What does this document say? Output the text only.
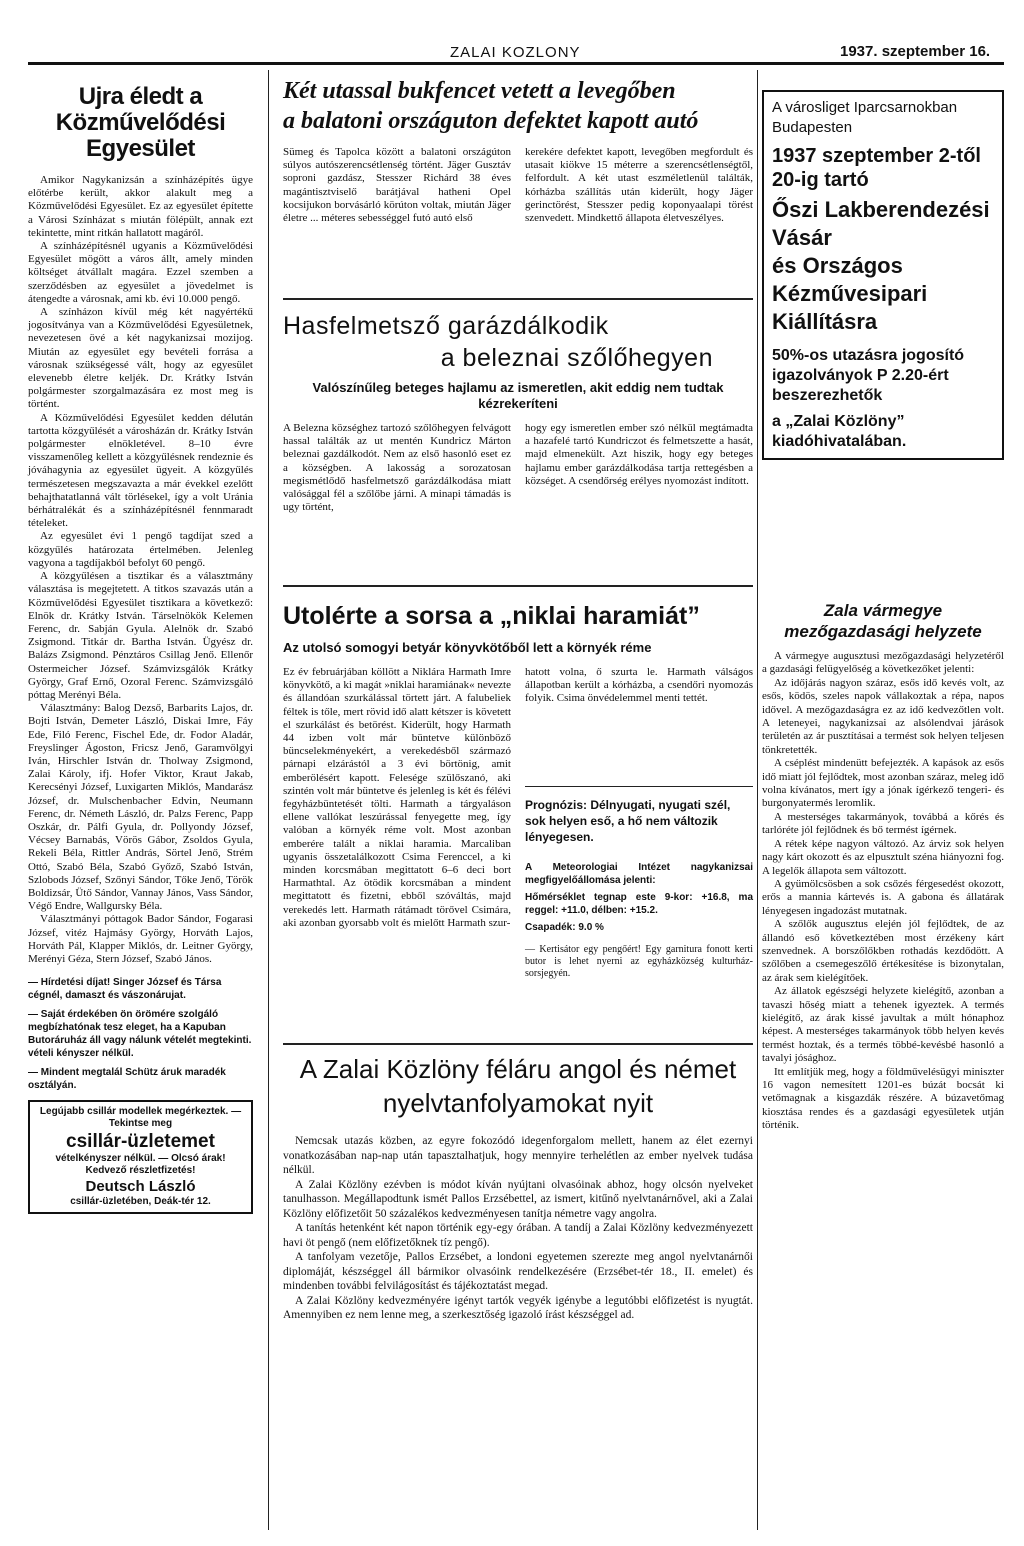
ZALAI KOZLONY	1937. szeptember 16.
Ujra éledt a Közművelődési Egyesület

Amikor Nagykanizsán a színházépítés ügye előtérbe került, akkor alakult meg a Közművelődési Egyesület. Ez az egyesület építette a Városi Színházat s miután fölépült, annak ezt tekintette, mint ritkán hallatott magáról.

A színházépítésnél ugyanis a Közművelődési Egyesület mögött a város állt, amely minden költséget átvállalt magára. Ezzel szemben a szerződésben az egyesület a jövedelmet is átengedte a városnak, ami kb. évi 10.000 pengő.

A színházon kívül még két nagyértékű jogosítványa van a Közművelődési Egyesületnek, nevezetesen övé a két nagykanizsai mozijog. Miután az egyesület egy bevételi forrása a városnak szükségessé vált, hogy az egyesület elevenebb életre keljék. Dr. Krátky István polgármester szorgalmazására ez most meg is történt.

A Közművelődési Egyesület kedden délután tartotta közgyűlését a városházán dr. Krátky István polgármester elnökletével. 8–10 évre visszamenőleg kellett a közgyűlésnek rendeznie és jóváhagynia az egyesület ügyeit. A közgyűlés természetesen megszavazta a már évekkel ezelőtt behajthatatlanná vált törlésekel, így a volt Uránia bérhátralékát és a színházépítésnél fennmaradt tételeket.

Az egyesület évi 1 pengő tagdíjat szed a közgyűlés határozata értelmében. Jelenleg vagyona a tagdíjakból befolyt 60 pengő.

A közgyűlésen a tisztikar és a választmány választása is megejtetett. A titkos szavazás után a Közművelődési Egyesület tisztikara a következő: Elnök dr. Krátky István. Társelnökök Kelemen Ferenc, dr. Sabján Gyula. Alelnök dr. Szabó Zsigmond. Titkár dr. Bartha István. Ügyész dr. Balázs Zsigmond. Pénztáros Csillag Jenő. Ellenőr Ostermeicher József. Számvizsgálók Krátky György, Graf Ernő, Ozoral Ferenc. Számvizsgáló póttag Merényi Béla.

Választmány: Balog Dezső, Barbarits Lajos, dr. Bojti István, Demeter László, Diskai Imre, Fáy Ede, Filó Ferenc, Fischel Ede, dr. Fodor Aladár, Freyslinger Ágoston, Fricsz Jenő, Garamvölgyi Iván, Hirschler István dr. Tholway Zsigmond, Zalai Károly, ifj. Hofer Viktor, Kraut Jakab, Kerecsényi József, Luxigarten Miklós, Mandarász József, dr. Mulschenbacher Edvin, Neumann Ferenc, dr. Németh László, dr. Palzs Ferenc, Papp Oszkár, dr. Pálfi Gyula, dr. Pollyondy József, Vécsey Barnabás, Vörös Gábor, Zsoldos Gyula, Rekeli Béla, Rittler András, Sörtel Jenő, Strém Ottó, Szabó Béla, Szabó Győző, Szabó István, Szlobods József, Szőnyi Sándor, Tőke Jenő, Török Boldizsár, Ütő Sándor, Vannay János, Vass Sándor, Végő Endre, Wallgursky Béla.

Választmányi póttagok Bador Sándor, Fogarasi József, vitéz Hajmásy György, Horváth Lajos, Horváth Pál, Klapper Miklós, dr. Leitner György, Merényi Géza, Stern József, Szabó János.

— Hírdetési díjat! Singer József és Társa cégnél, damaszt és vászonárujat.

— Saját érdekében ön örömére szolgáló megbízhatónak tesz eleget, ha a Kapuban Butoráruház áll vagy nálunk vételét megtekinti. vételi kényszer nélkül.

— Mindent megtalál Schütz áruk maradék osztályán.

Legújabb csillár modellek megérkeztek. — Tekintse meg
csillár-üzletemet
vételkényszer nélkül. — Olcsó árak!
Kedvező részletfizetés!
Deutsch László
csillár-üzletében, Deák-tér 12.
Két utassal bukfencet vetett a levegőben
a balatoni országuton defektet kapott autó
Sümeg és Tapolca között a balatoni országúton súlyos autószerencsétlenség történt. Jäger Gusztáv soproni gazdász, Stesszer Richárd 38 éves magántisztviselő barátjával hatheni Opel kocsijukon borvásárló körúton voltak, miután Jäger életre ... méteres sebességgel futó autó első
kerekére defektet kapott, levegőben megfordult és utasait kiökve 15 méterre a szerencsétlenségtől, felfordult. A két utast eszméletlenül találták, kórházba szállítás után kiderült, hogy Jäger gerinctörést, Stesszer pedig koponyaalapi törést szenvedett. Mindkettő állapota életveszélyes.
Hasfelmetsző garázdálkodik
a beleznai szőlőhegyen
Valószínűleg beteges hajlamu az ismeretlen, akit eddig nem tudtak kézrekeríteni
A Belezna községhez tartozó szőlőhegyen felvágott hassal találták az ut mentén Kundricz Márton beleznai gazdálkodót. Nem az első hasonló eset ez a községben. A lakosság a sorozatosan megismétlődő hasfelmetsző garázdálkodása miatt valósággal fél a szőlőbe járni. A minapi támadás is ugy történt,
hogy egy ismeretlen ember szó nélkül megtámadta a hazafelé tartó Kundriczot és felmetszette a hasát, majd elmenekült. Azt hiszik, hogy egy beteges hajlamu ember garázdálkodása tartja rettegésben a községet. A csendőrség erélyes nyomozást indított.
Utolérte a sorsa a „niklai haramiát”
Az utolsó somogyi betyár könyvkötőből lett a környék réme
Ez év februárjában köllött a Niklára Harmath Imre könyvkötő, a ki magát »niklai haramiának« nevezte és állandóan szurkálással törtett járt. A falubeliek féltek is tőle, mert rövid idő alatt kétszer is követett el szurkálást és betörést. Kiderült, hogy Harmath 44 izben volt már büntetve különböző büncselekményekért, a verekedésből származó párnapi elzárástól a 3 évi börtönig, amit emberölésért kapott. Felesége szülőszanó, aki szintén volt már büntetve és jelenleg is két és félévi fegyházbüntetését tölti. Harmath a tárgyaláson ellene vallókat leszúrással fenyegette meg, így valóban a környék réme volt. Most azonban emberére talált a niklai haramia. Marcaliban ugyanis összetalálkozott Csima Ferenccel, a ki minden korcsmában megittatott 6–6 deci bort Harmathtal. Az ötödik korcsmában a mindent megittatott és fizetni, ebből szóváltás, majd verekedés lett. Harmath rátámadt törővel Csimára, aki azonban gyorsabb volt és mielőtt Harmath szur-
hatott volna, ő szurta le. Harmath válságos állapotban került a kórházba, a csendőri nyomozás folyik. Csima önvédelemmel menti tettét.
Prognózis: Délnyugati, nyugati szél, sok helyen eső, a hő nem változik lényegesen.
A Meteorologiai Intézet nagykanizsai megfigyelőállomása jelenti:
Hőmérséklet tegnap este 9-kor: +16.8, ma reggel: +11.0, délben: +15.2.
Csapadék: 9.0 %
— Kertisátor egy pengőért! Egy garnitura fonott kerti butor is lehet nyerni az egyházközség kulturház-sorsjegyén.
A Zalai Közlöny féláru angol és német
nyelvtanfolyamokat nyit

Nemcsak utazás közben, az egyre fokozódó idegenforgalom mellett, hanem az élet ezernyi vonatkozásában nap-nap után tapasztalhatjuk, hogy mennyire terhelétlen az ember nyelvek tudása nélkül.

A Zalai Közlöny ezévben is módot kíván nyújtani olvasóinak abhoz, hogy olcsón nyelveket tanulhasson. Megállapodtunk ismét Pallos Erzsébettel, az ismert, kitűnő nyelvtanárnővel, aki a Zalai Közlöny előfizetőit 50 százalékos kedvezményesen tanítja németre vagy angolra.

A tanítás hetenként két napon történik egy-egy órában. A tandíj a Zalai Közlöny kedvezményezett havi öt pengő (nem előfizetőknek tíz pengő).

A tanfolyam vezetője, Pallos Erzsébet, a londoni egyetemen szerezte meg angol nyelvtanárnői diplomáját, készséggel áll bármikor olvasóink rendelkezésére (Erzsébet-tér 18., II. emelet) és mindenben további felvilágosítást és tájékoztatást megad.

A Zalai Közlöny kedvezményére igényt tartók vegyék igénybe a legutóbbi előfizetést is nyugtát. Amennyiben ez nem lenne meg, a szerkesztőség igazoló írást készséggel ad.

A városliget Iparcsarnokban Budapesten
1937 szeptember 2-től 20-ig tartó
Őszi Lakberendezési Vásár
és Országos Kézművesipari
Kiállításra
50%-os utazásra jogosító igazolványok P 2.20-ért beszerezhetők
a „Zalai Közlöny” kiadóhivatalában.
Zala vármegye mezőgazdasági helyzete

A vármegye augusztusi mezőgazdasági helyzetéről a gazdasági felügyelőség a következőket jelenti:

Az időjárás nagyon száraz, esős idő kevés volt, az esős, ködös, szeles napok vállakoztak a répa, napos idővel. A mezőgazdaságra ez az idő kedvezőtlen volt. A leteneyei, nagykanizsai az alsólendvai járások területén az ár pusztításai a termést sok helyen teljesen tönkretették.

A cséplést mindenütt befejezték. A kapások az esős idő miatt jól fejlődtek, most azonban száraz, meleg idő volna kívánatos, mert így a jónak ígérkező tengeri- és burgonyatermés leromlik.

A mesterséges takarmányok, továbbá a kőrés és tarlóréte jól fejlődnek és bő termést ígérnek.

A rétek képe nagyon változó. Az árviz sok helyen nagy kárt okozott és az elpusztult széna hiányozni fog. A legelők állapota sem változott.

A gyümölcsösben a sok csőzés férgesedést okozott, erős a mannia kártevés is. A gabona és állatárak lényegesen ingadozást mutatnak.

A szőlők augusztus elején jól fejlődtek, de az állandó eső következtében most érzékeny kárt szenvednek. A borszőlőkben rothadás kezdődött. A szőlőben a csemegeszőlő értékesítése is bizonytalan, az árak sem kielégítőek.

Az állatok egészségi helyzete kielégítő, azonban a tavaszi hőség miatt a tehenek igyeztek. A termés kielégítő, az árak kissé javultak a múlt hónaphoz képest. A mesterséges takarmányok több helyen kevés termést hoztak, és a termés többé-kevésbé hasonló a tavalyi jósághoz.

Itt említjük meg, hogy a földművelésügyi miniszter 16 vagon nemesített 1201-es búzát bocsát ki vetőmagnak a kisgazdák részére. A búzavetőmag kiosztása rendes és a gazdasági egyesületek utján történik.
